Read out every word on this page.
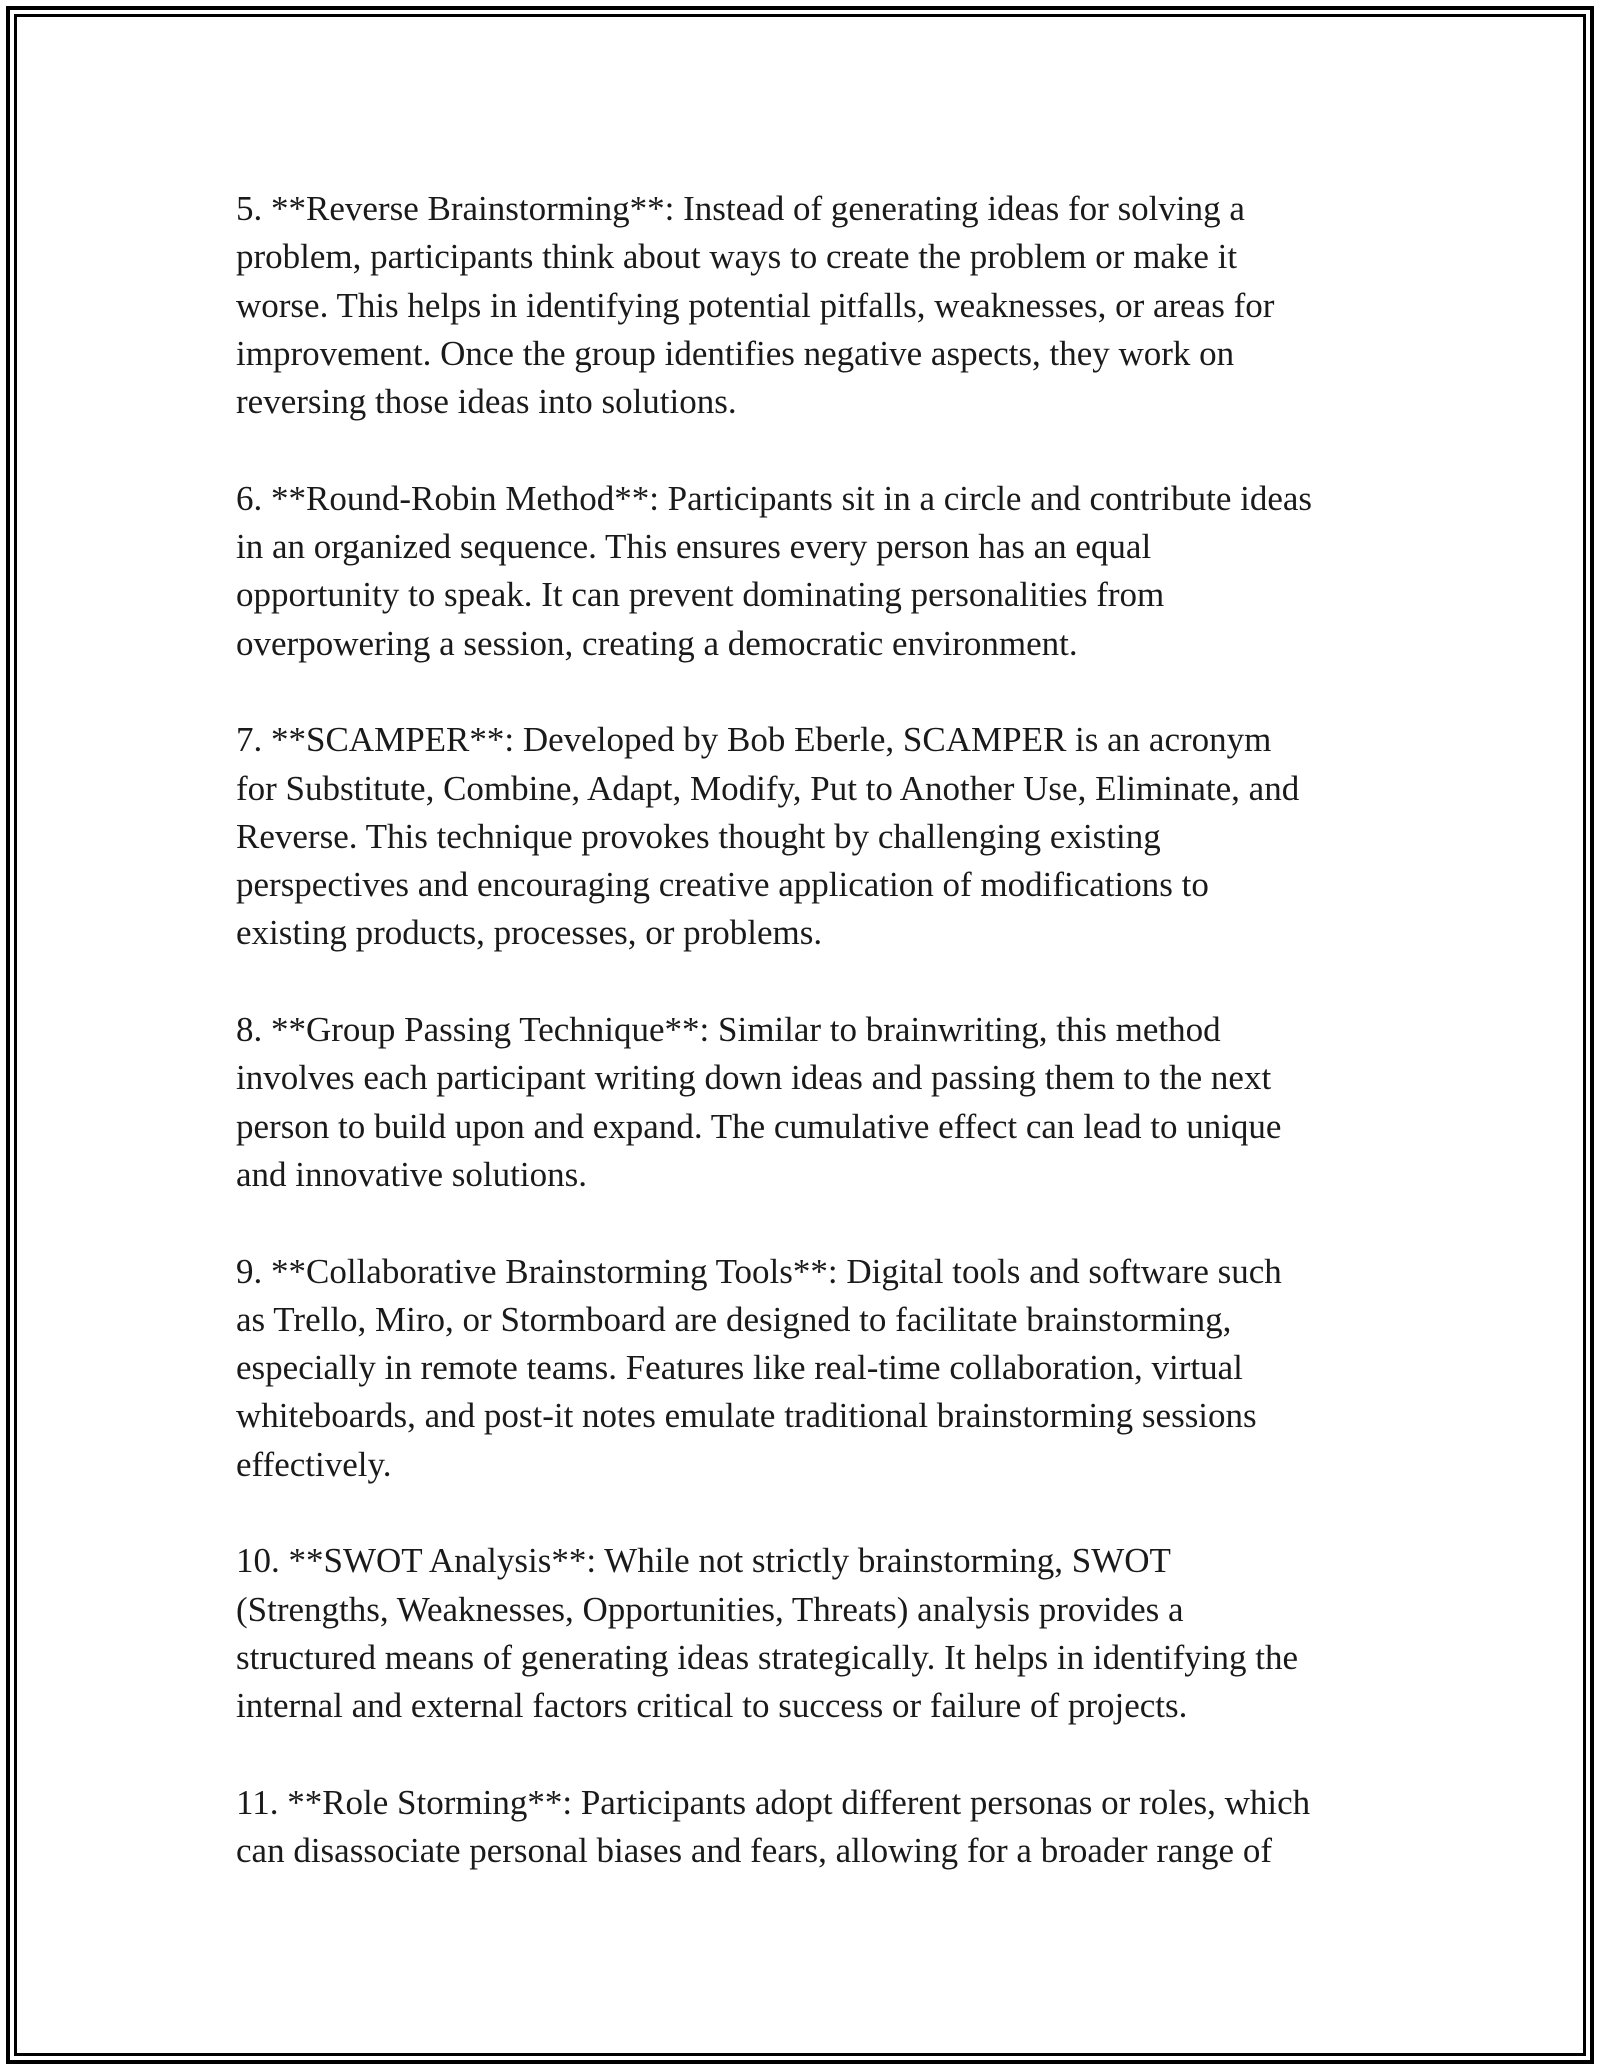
5. **Reverse Brainstorming**: Instead of generating ideas for solving a
problem, participants think about ways to create the problem or make it
worse. This helps in identifying potential pitfalls, weaknesses, or areas for
improvement. Once the group identifies negative aspects, they work on
reversing those ideas into solutions.

6. **Round-Robin Method**: Participants sit in a circle and contribute ideas
in an organized sequence. This ensures every person has an equal
opportunity to speak. It can prevent dominating personalities from
overpowering a session, creating a democratic environment.

7. **SCAMPER**: Developed by Bob Eberle, SCAMPER is an acronym
for Substitute, Combine, Adapt, Modify, Put to Another Use, Eliminate, and
Reverse. This technique provokes thought by challenging existing
perspectives and encouraging creative application of modifications to
existing products, processes, or problems.

8. **Group Passing Technique**: Similar to brainwriting, this method
involves each participant writing down ideas and passing them to the next
person to build upon and expand. The cumulative effect can lead to unique
and innovative solutions.

9. **Collaborative Brainstorming Tools**: Digital tools and software such
as Trello, Miro, or Stormboard are designed to facilitate brainstorming,
especially in remote teams. Features like real-time collaboration, virtual
whiteboards, and post-it notes emulate traditional brainstorming sessions
effectively.

10. **SWOT Analysis**: While not strictly brainstorming, SWOT
(Strengths, Weaknesses, Opportunities, Threats) analysis provides a
structured means of generating ideas strategically. It helps in identifying the
internal and external factors critical to success or failure of projects.

11. **Role Storming**: Participants adopt different personas or roles, which
can disassociate personal biases and fears, allowing for a broader range of
